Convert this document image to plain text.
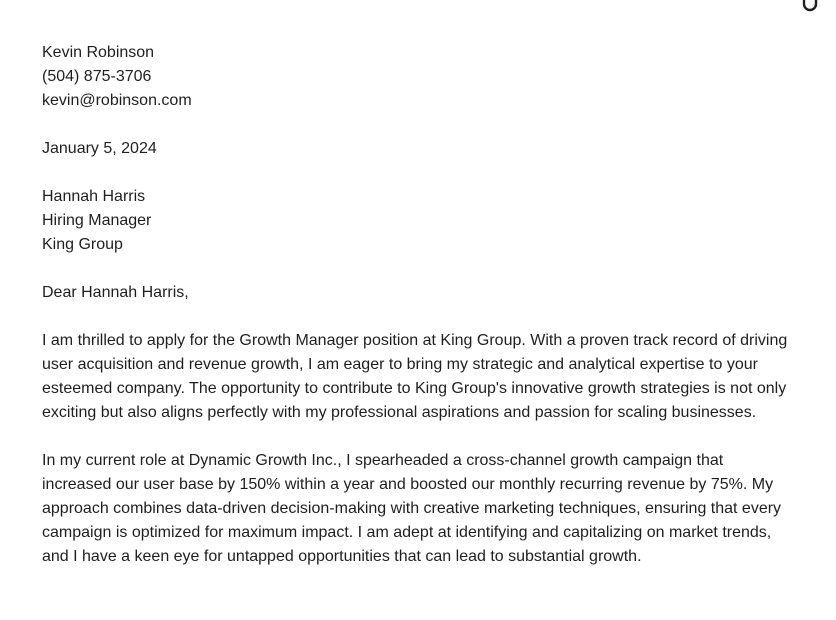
Kevin Robinson
(504) 875-3706
kevin@robinson.com
January 5, 2024
Hannah Harris
Hiring Manager
King Group
Dear Hannah Harris,

I am thrilled to apply for the Growth Manager position at King Group. With a proven track record of driving user acquisition and revenue growth, I am eager to bring my strategic and analytical expertise to your esteemed company. The opportunity to contribute to King Group's innovative growth strategies is not only exciting but also aligns perfectly with my professional aspirations and passion for scaling businesses.

In my current role at Dynamic Growth Inc., I spearheaded a cross-channel growth campaign that increased our user base by 150% within a year and boosted our monthly recurring revenue by 75%. My approach combines data-driven decision-making with creative marketing techniques, ensuring that every campaign is optimized for maximum impact. I am adept at identifying and capitalizing on market trends, and I have a keen eye for untapped opportunities that can lead to substantial growth.
